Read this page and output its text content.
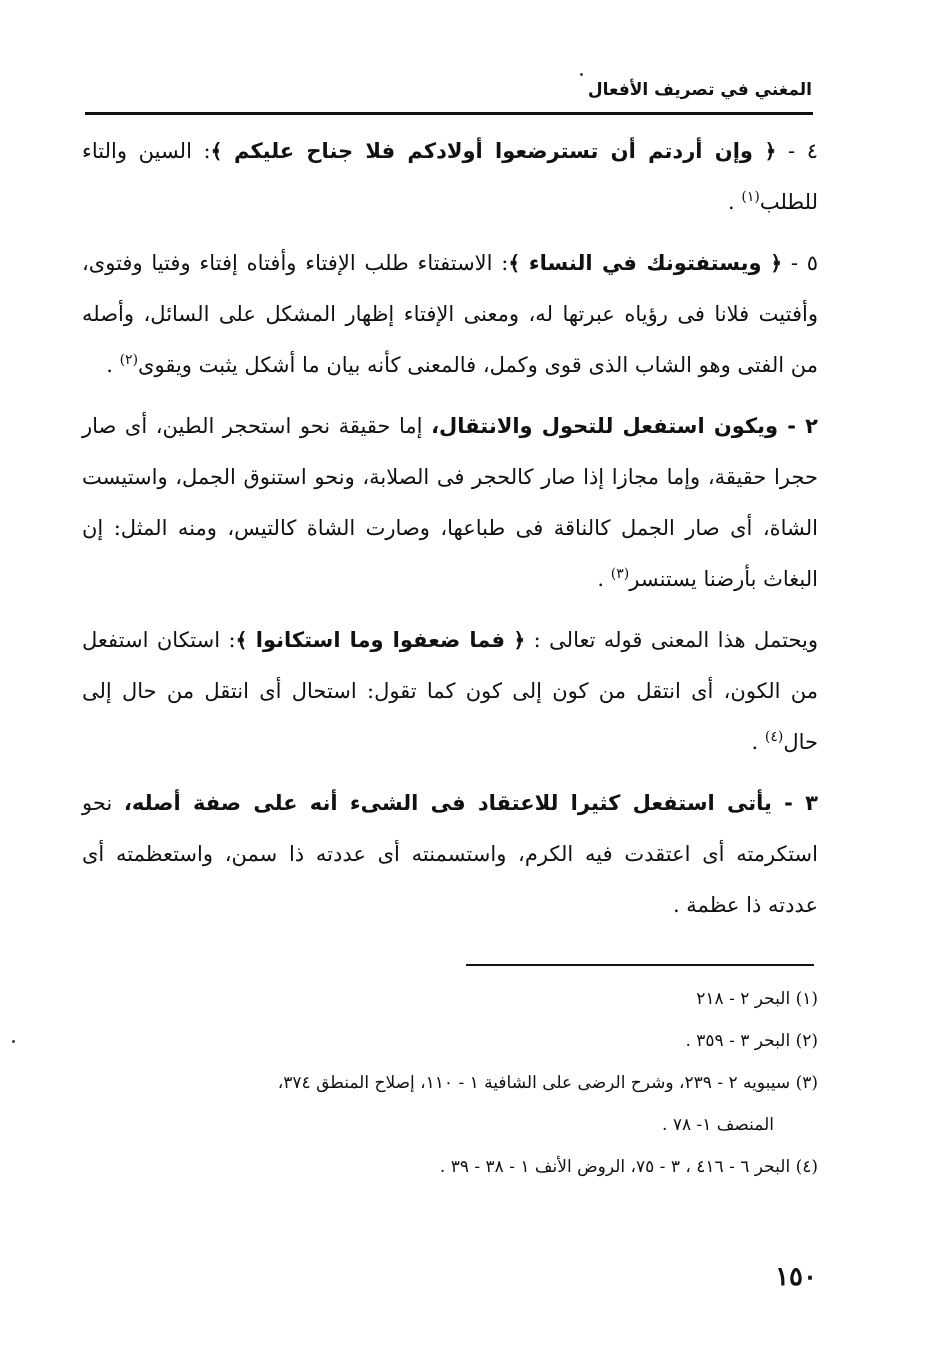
المغني في تصريف الأفعال

٤ - ﴿ وإن أردتم أن تسترضعوا أولادكم فلا جناح عليكم ﴾: السين والتاء للطلب$^{(١)}$ .

٥ - ﴿ ويستفتونك في النساء ﴾: الاستفتاء طلب الإفتاء وأفتاه إفتاء وفتيا وفتوى، وأفتيت فلانا فى رؤياه عبرتها له، ومعنى الإفتاء إظهار المشكل على السائل، وأصله من الفتى وهو الشاب الذى قوى وكمل، فالمعنى كأنه بيان ما أشكل يثبت ويقوى$^{(٢)}$ .

٢ - ويكون استفعل للتحول والانتقال، إما حقيقة نحو استحجر الطين، أى صار حجرا حقيقة، وإما مجازا إذا صار كالحجر فى الصلابة، ونحو استنوق الجمل، واستيست الشاة، أى صار الجمل كالناقة فى طباعها، وصارت الشاة كالتيس، ومنه المثل: إن البغاث بأرضنا يستنسر$^{(٣)}$ .

ويحتمل هذا المعنى قوله تعالى : ﴿ فما ضعفوا وما استكانوا ﴾: استكان استفعل من الكون، أى انتقل من كون إلى كون كما تقول: استحال أى انتقل من حال إلى حال$^{(٤)}$ .

٣ - يأتى استفعل كثيرا للاعتقاد فى الشىء أنه على صفة أصله، نحو استكرمته أى اعتقدت فيه الكرم، واستسمنته أى عددته ذا سمن، واستعظمته أى عددته ذا عظمة .

(١) البحر ٢ - ٢١٨

(٢) البحر ٣ - ٣٥٩ .

(٣) سيبويه ٢ - ٢٣٩، وشرح الرضى على الشافية ١ - ١١٠، إصلاح المنطق ٣٧٤،

المنصف ١- ٧٨ .

(٤) البحر ٦ - ٤١٦ ، ٣ - ٧٥، الروض الأنف ١ - ٣٨ - ٣٩ .

١٥٠
